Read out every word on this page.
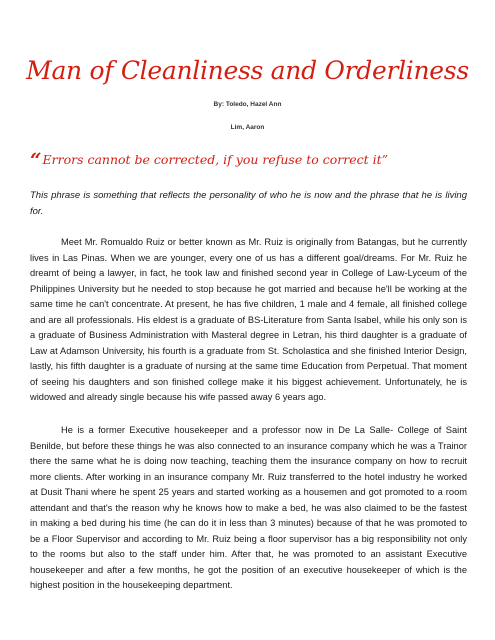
Man of Cleanliness and Orderliness
By: Toledo, Hazel Ann
Lim, Aaron
“Errors cannot be corrected, if you refuse to correct it”
This phrase is something that reflects the personality of who he is now and the phrase that he is living for.
Meet Mr. Romualdo Ruiz or better known as Mr. Ruiz is originally from Batangas, but he currently lives in Las Pinas. When we are younger, every one of us has a different goal/dreams. For Mr. Ruiz he dreamt of being a lawyer, in fact, he took law and finished second year in College of Law-Lyceum of the Philippines University but he needed to stop because he got married and because he'll be working at the same time he can't concentrate. At present, he has five children, 1 male and 4 female, all finished college and are all professionals. His eldest is a graduate of BS-Literature from Santa Isabel, while his only son is a graduate of Business Administration with Masteral degree in Letran, his third daughter is a graduate of Law at Adamson University, his fourth is a graduate from St. Scholastica and she finished Interior Design, lastly, his fifth daughter is a graduate of nursing at the same time Education from Perpetual. That moment of seeing his daughters and son finished college make it his biggest achievement. Unfortunately, he is widowed and already single because his wife passed away 6 years ago.
He is a former Executive housekeeper and a professor now in De La Salle- College of Saint Benilde, but before these things he was also connected to an insurance company which he was a Trainor there the same what he is doing now teaching, teaching them the insurance company on how to recruit more clients. After working in an insurance company Mr. Ruiz transferred to the hotel industry he worked at Dusit Thani where he spent 25 years and started working as a housemen and got promoted to a room attendant and that's the reason why he knows how to make a bed, he was also claimed to be the fastest in making a bed during his time (he can do it in less than 3 minutes) because of that he was promoted to be a Floor Supervisor and according to Mr. Ruiz being a floor supervisor has a big responsibility not only to the rooms but also to the staff under him. After that, he was promoted to an assistant Executive housekeeper and after a few months, he got the position of an executive housekeeper of which is the highest position in the housekeeping department.
